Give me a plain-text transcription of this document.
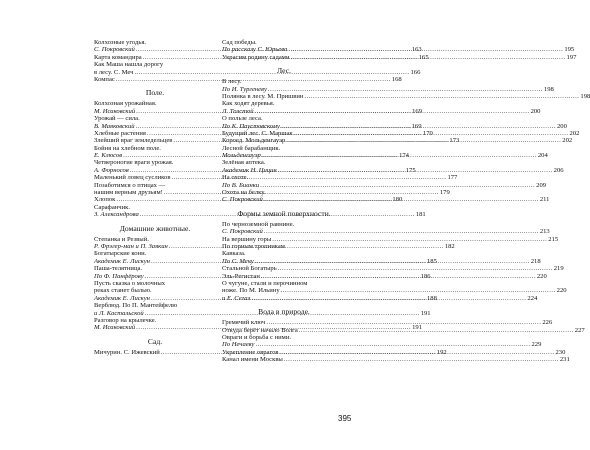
Колхозные угодья.
С. Покровский .....	163
Карта командира .....	165
Как Маша нашла дорогу
в лесу. С. Меч .....	166
Компас .....	168
Поле.
Колхозная урожайная.
М. Исаковский .....	169
Урожай — сила.
В. Маяковский .....	169
Хлебные растения .....	170
Злейший враг земледельцев .....	173
Бойня на хлебном поле.
Е. Клюсов .....	174
Четвероногие враги урожая.
А. Форносов .....	175
Маленький ловец сусликов .....	177
Позаботимся о птицах —
нашим верным друзьям! .....	179
Хлопок .....	180
Сарафанчик.
З. Александрова .....	181
Домашние животные.
Степанка и Резвый.
Р. Фрэгер-ман и П. Заякин .....	182
Богатырские кони.
Академик Е. Лискун .....	185
Паша-телятница.
По Ф. Панфёрову .....	186
Пусть сказка о молочных
реках станет былью.
Академик Е. Лискун .....	188
Верблюд. По П. Мантейфелю
и Л. Кастальской .....	191
Разговор на крылечке.
М. Исаковский .....	191
Сад.
Мичурин. С. Ижевский .....	192
Сад победы.
По рассказу С. Юрьева .....	195
Украсим родину садами .....	197
Лес.
В лесу.
По И. Тургеневу .....	198
Полянка в лесу. М. Пришвин .....	198
Как ходят деревья.
Л. Толстой .....	200
О пользе леса.
По К. Паустовскому .....	200
Будущий лес. С. Маршак .....	202
Короед. Мольденгауэр .....	202
Лесной барабанщик.
Мольденгауэр .....	204
Зелёная аптека.
Академик Н. Цицин .....	206
На охоте.
По В. Бианки .....	209
Охота на белку.
С. Покровский .....	211
Формы земной поверхности.
По черноземной равнине.
С. Покровский .....	213
На вершину горы .....	215
По горным тропинкам
Кавказа.
По С. Мечу .....	218
Стальной Богатырь .....	219
Эль-Регистан .....	220
О чугуне, стали и перочинном
ноже. По М. Ильину .....	220
и Е. Сегал .....	224
Вода в природе.
Гремячий ключ .....	226
Откуда берёт начало Волга .....	227
Овраги и борьба с ними.
По Нечаеву .....	229
Укрепление оврагов .....	230
Канал имени Москвы .....	231
395
